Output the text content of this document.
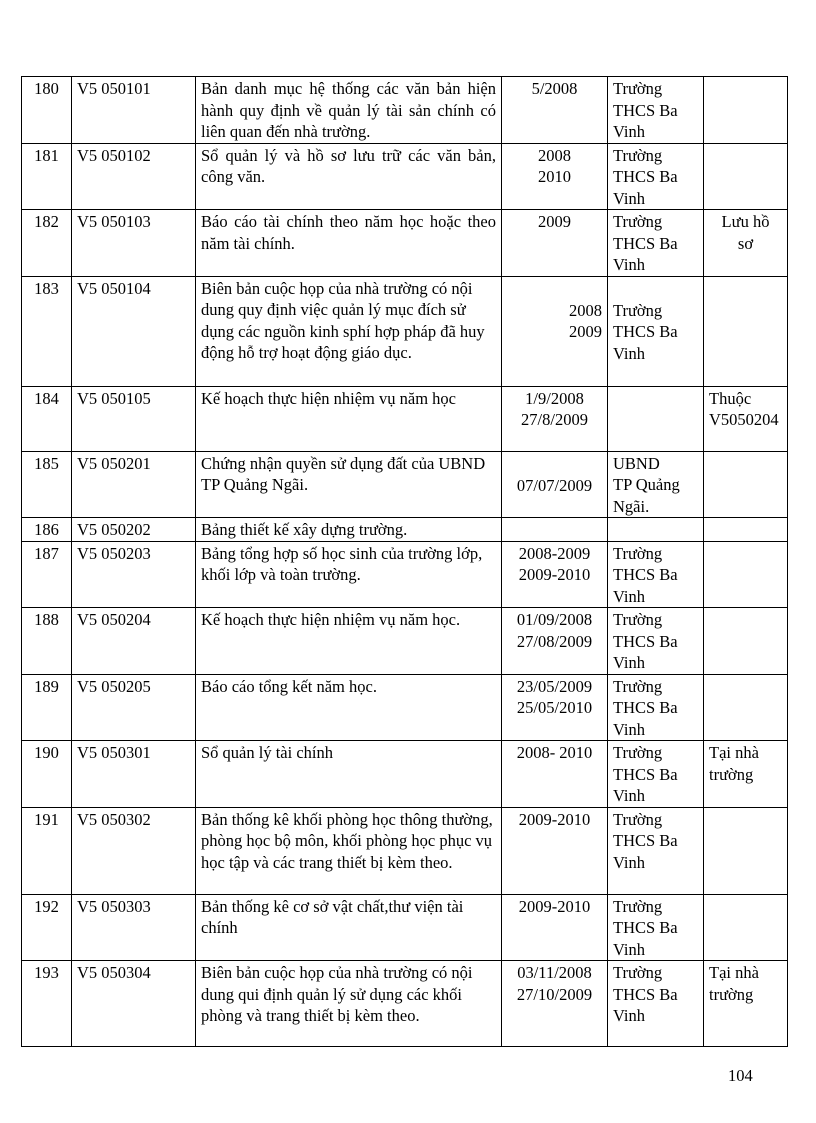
180	V5 050101	Bản danh mục hệ thống các văn bản hiện hành quy định về quản lý tài sản chính có liên quan đến nhà trường.	5/2008	Trường
THCS Ba
Vinh	
181	V5 050102	Sổ quản lý và hồ sơ lưu trữ các văn bản, công văn.	2008
2010	Trường
THCS Ba
Vinh	
182	V5 050103	Báo cáo tài chính theo năm học hoặc theo năm tài chính.	2009	Trường
THCS Ba
Vinh	Lưu hồ
sơ
183	V5 050104	Biên bản cuộc họp của nhà trường có nội dung quy định việc quản lý mục đích sử dụng các nguồn kinh sphí hợp pháp đã huy động hỗ trợ hoạt động giáo dục.	2008
2009	Trường
THCS Ba
Vinh	
184	V5 050105	Kế hoạch thực hiện nhiệm vụ năm học	1/9/2008
27/8/2009		Thuộc
V5050204
185	V5 050201	Chứng nhận quyền sử dụng đất của UBND TP Quảng Ngãi.	07/07/2009	UBND
TP Quảng
Ngãi.	
186	V5 050202	Bảng thiết kế xây dựng trường.			
187	V5 050203	Bảng tổng hợp số học sinh của trường lớp, khối lớp và toàn trường.	2008-2009
2009-2010	Trường
THCS Ba
Vinh	
188	V5 050204	Kế hoạch thực hiện nhiệm vụ năm học.	01/09/2008
27/08/2009	Trường
THCS Ba
Vinh	
189	V5 050205	Báo cáo tổng kết năm học.	23/05/2009
25/05/2010	Trường
THCS Ba
Vinh	
190	V5 050301	Sổ quản lý tài chính	2008- 2010	Trường
THCS Ba
Vinh	Tại nhà
trường
191	V5 050302	Bản thống kê khối phòng học thông thường, phòng học bộ môn, khối phòng học phục vụ học tập và các trang thiết bị kèm theo.	2009-2010	Trường
THCS Ba
Vinh	
192	V5 050303	Bản thống kê cơ sở vật chất,thư viện tài chính	2009-2010	Trường
THCS Ba
Vinh	
193	V5 050304	Biên bản cuộc họp của nhà trường có nội dung qui định quản lý sử dụng các khối phòng và trang thiết bị kèm theo.	03/11/2008
27/10/2009	Trường
THCS Ba
Vinh	Tại nhà
trường
104
